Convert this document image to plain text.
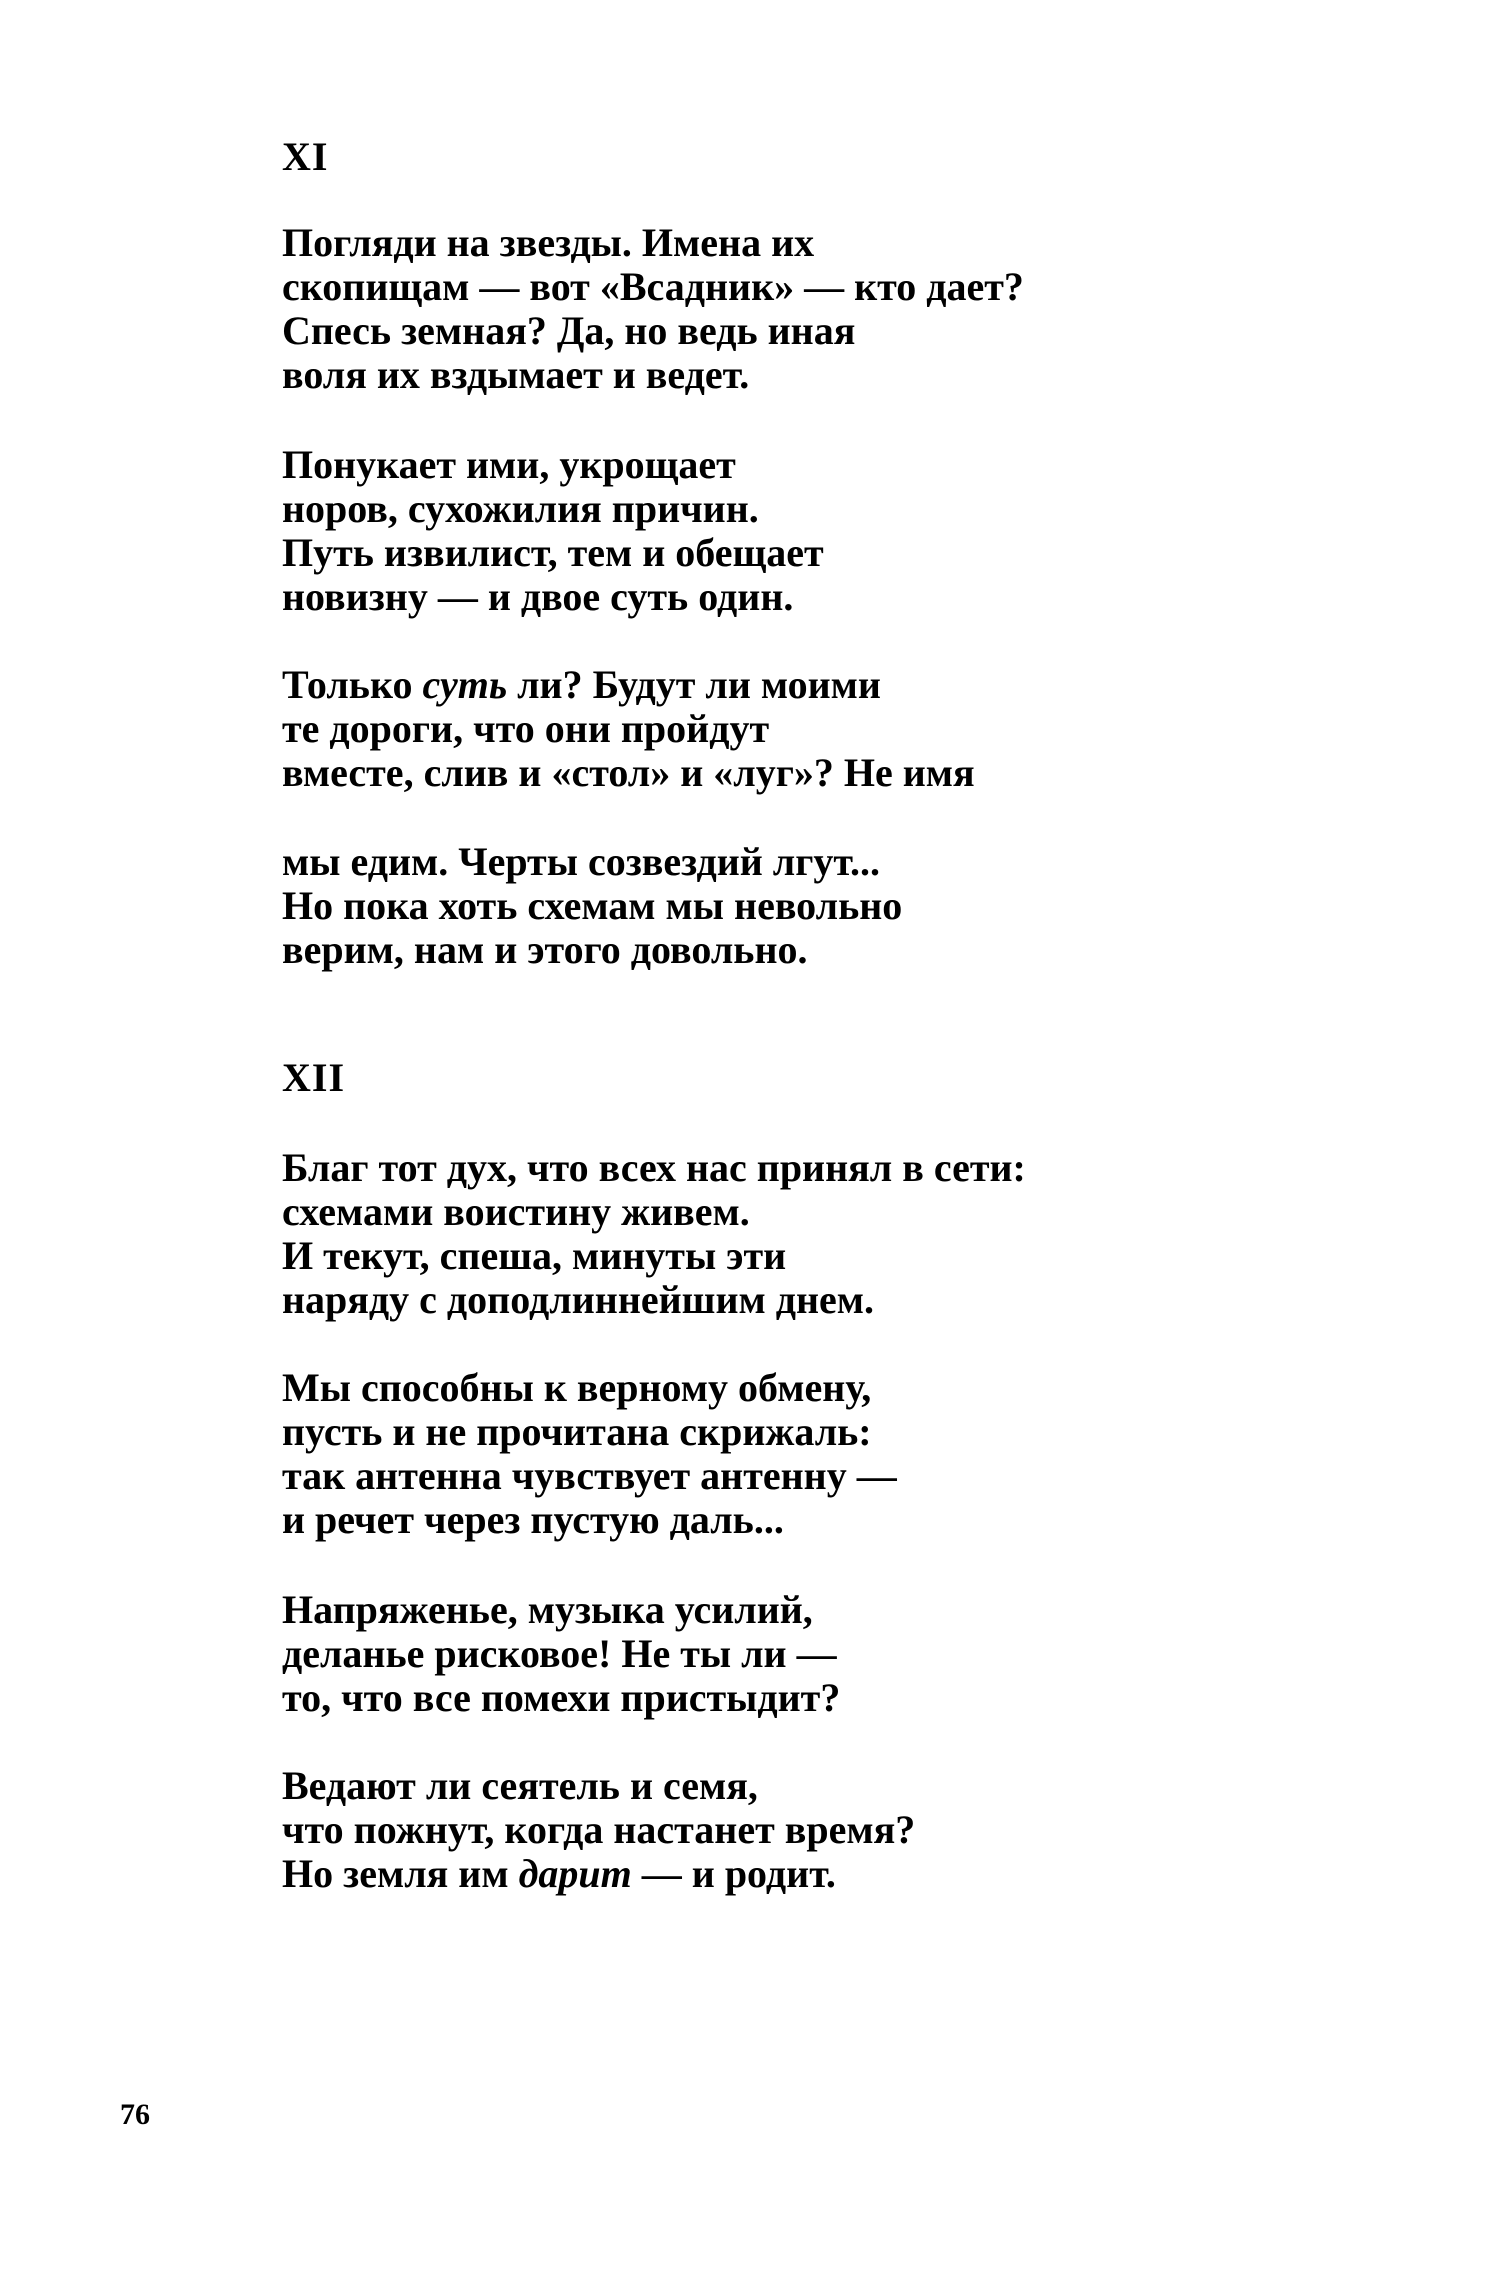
XI
Погляди на звезды. Имена их
скопищам — вот «Всадник» — кто дает?
Спесь земная? Да, но ведь иная
воля их вздымает и ведет.
Понукает ими, укрощает
норов, сухожилия причин.
Путь извилист, тем и обещает
новизну — и двое суть один.
Только суть ли? Будут ли моими
те дороги, что они пройдут
вместе, слив и «стол» и «луг»? Не имя
мы едим. Черты созвездий лгут...
Но пока хоть схемам мы невольно
верим, нам и этого довольно.
XII
Благ тот дух, что всех нас принял в сети:
схемами воистину живем.
И текут, спеша, минуты эти
наряду с доподлиннейшим днем.
Мы способны к верному обмену,
пусть и не прочитана скрижаль:
так антенна чувствует антенну —
и речет через пустую даль...
Напряженье, музыка усилий,
деланье рисковое! Не ты ли —
то, что все помехи пристыдит?
Ведают ли сеятель и семя,
что пожнут, когда настанет время?
Но земля им дарит — и родит.
76
